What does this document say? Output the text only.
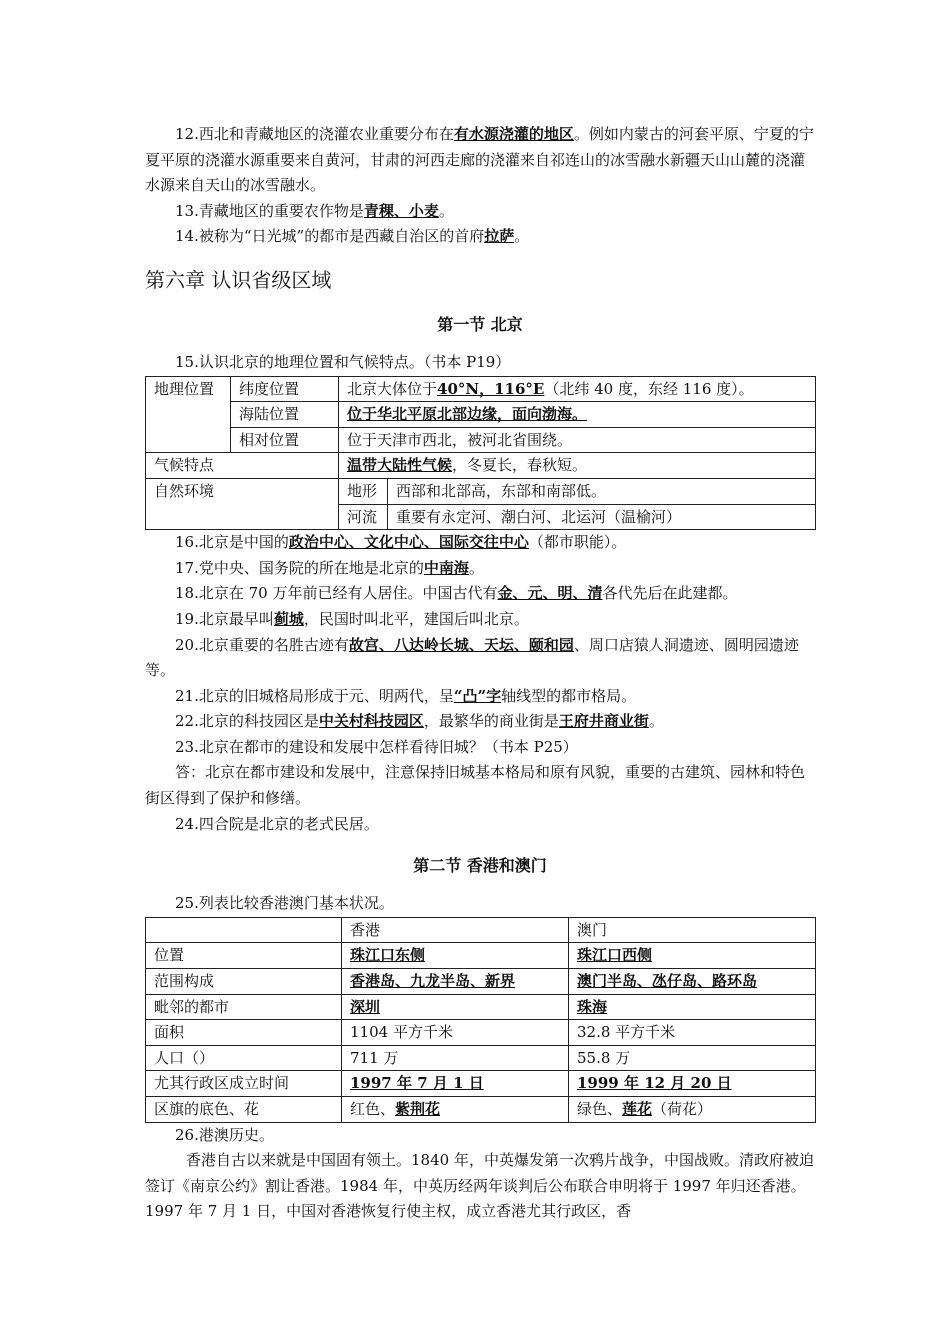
12.西北和青藏地区的浇灌农业重要分布在有水源浇灌的地区。例如内蒙古的河套平原、宁夏的宁夏平原的浇灌水源重要来自黄河，甘肃的河西走廊的浇灌来自祁连山的冰雪融水新疆天山山麓的浇灌水源来自天山的冰雪融水。

13.青藏地区的重要农作物是青稞、小麦。

14.被称为“日光城”的都市是西藏自治区的首府拉萨。

第六章 认识省级区域
第一节 北京

15.认识北京的地理位置和气候特点。（书本 P19）

地理位置	纬度位置	北京大体位于40°N，116°E（北纬 40 度，东经 116 度）。	
	海陆位置	位于华北平原北部边缘，面向渤海。	
	相对位置	位于天津市西北，被河北省围绕。	
气候特点		温带大陆性气候，冬夏长，春秋短。	
自然环境		地形	西部和北部高，东部和南部低。
		河流	重要有永定河、潮白河、北运河（温榆河）

16.北京是中国的政治中心、文化中心、国际交往中心（都市职能）。

17.党中央、国务院的所在地是北京的中南海。

18.北京在 70 万年前已经有人居住。中国古代有金、元、明、清各代先后在此建都。

19.北京最早叫蓟城，民国时叫北平，建国后叫北京。

20.北京重要的名胜古迹有故宫、八达岭长城、天坛、颐和园、周口店猿人洞遗迹、圆明园遗迹等。

21.北京的旧城格局形成于元、明两代，呈“凸”字轴线型的都市格局。

22.北京的科技园区是中关村科技园区，最繁华的商业街是王府井商业街。

23.北京在都市的建设和发展中怎样看待旧城？（书本 P25）

答：北京在都市建设和发展中，注意保持旧城基本格局和原有风貌，重要的古建筑、园林和特色街区得到了保护和修缮。

24.四合院是北京的老式民居。

第二节 香港和澳门

25.列表比较香港澳门基本状况。

	香港	澳门
位置	珠江口东侧	珠江口西侧
范围构成	香港岛、九龙半岛、新界	澳门半岛、氹仔岛、路环岛
毗邻的都市	深圳	珠海
面积	1104 平方千米	32.8 平方千米
人口（）	711 万	55.8 万
尤其行政区成立时间	1997 年 7 月 1 日	1999 年 12 月 20 日
区旗的底色、花	红色、紫荆花	绿色、莲花（荷花）

26.港澳历史。

香港自古以来就是中国固有领土。1840 年，中英爆发第一次鸦片战争，中国战败。清政府被迫签订《南京公约》割让香港。1984 年，中英历经两年谈判后公布联合申明将于 1997 年归还香港。1997 年 7 月 1 日，中国对香港恢复行使主权，成立香港尤其行政区，香
